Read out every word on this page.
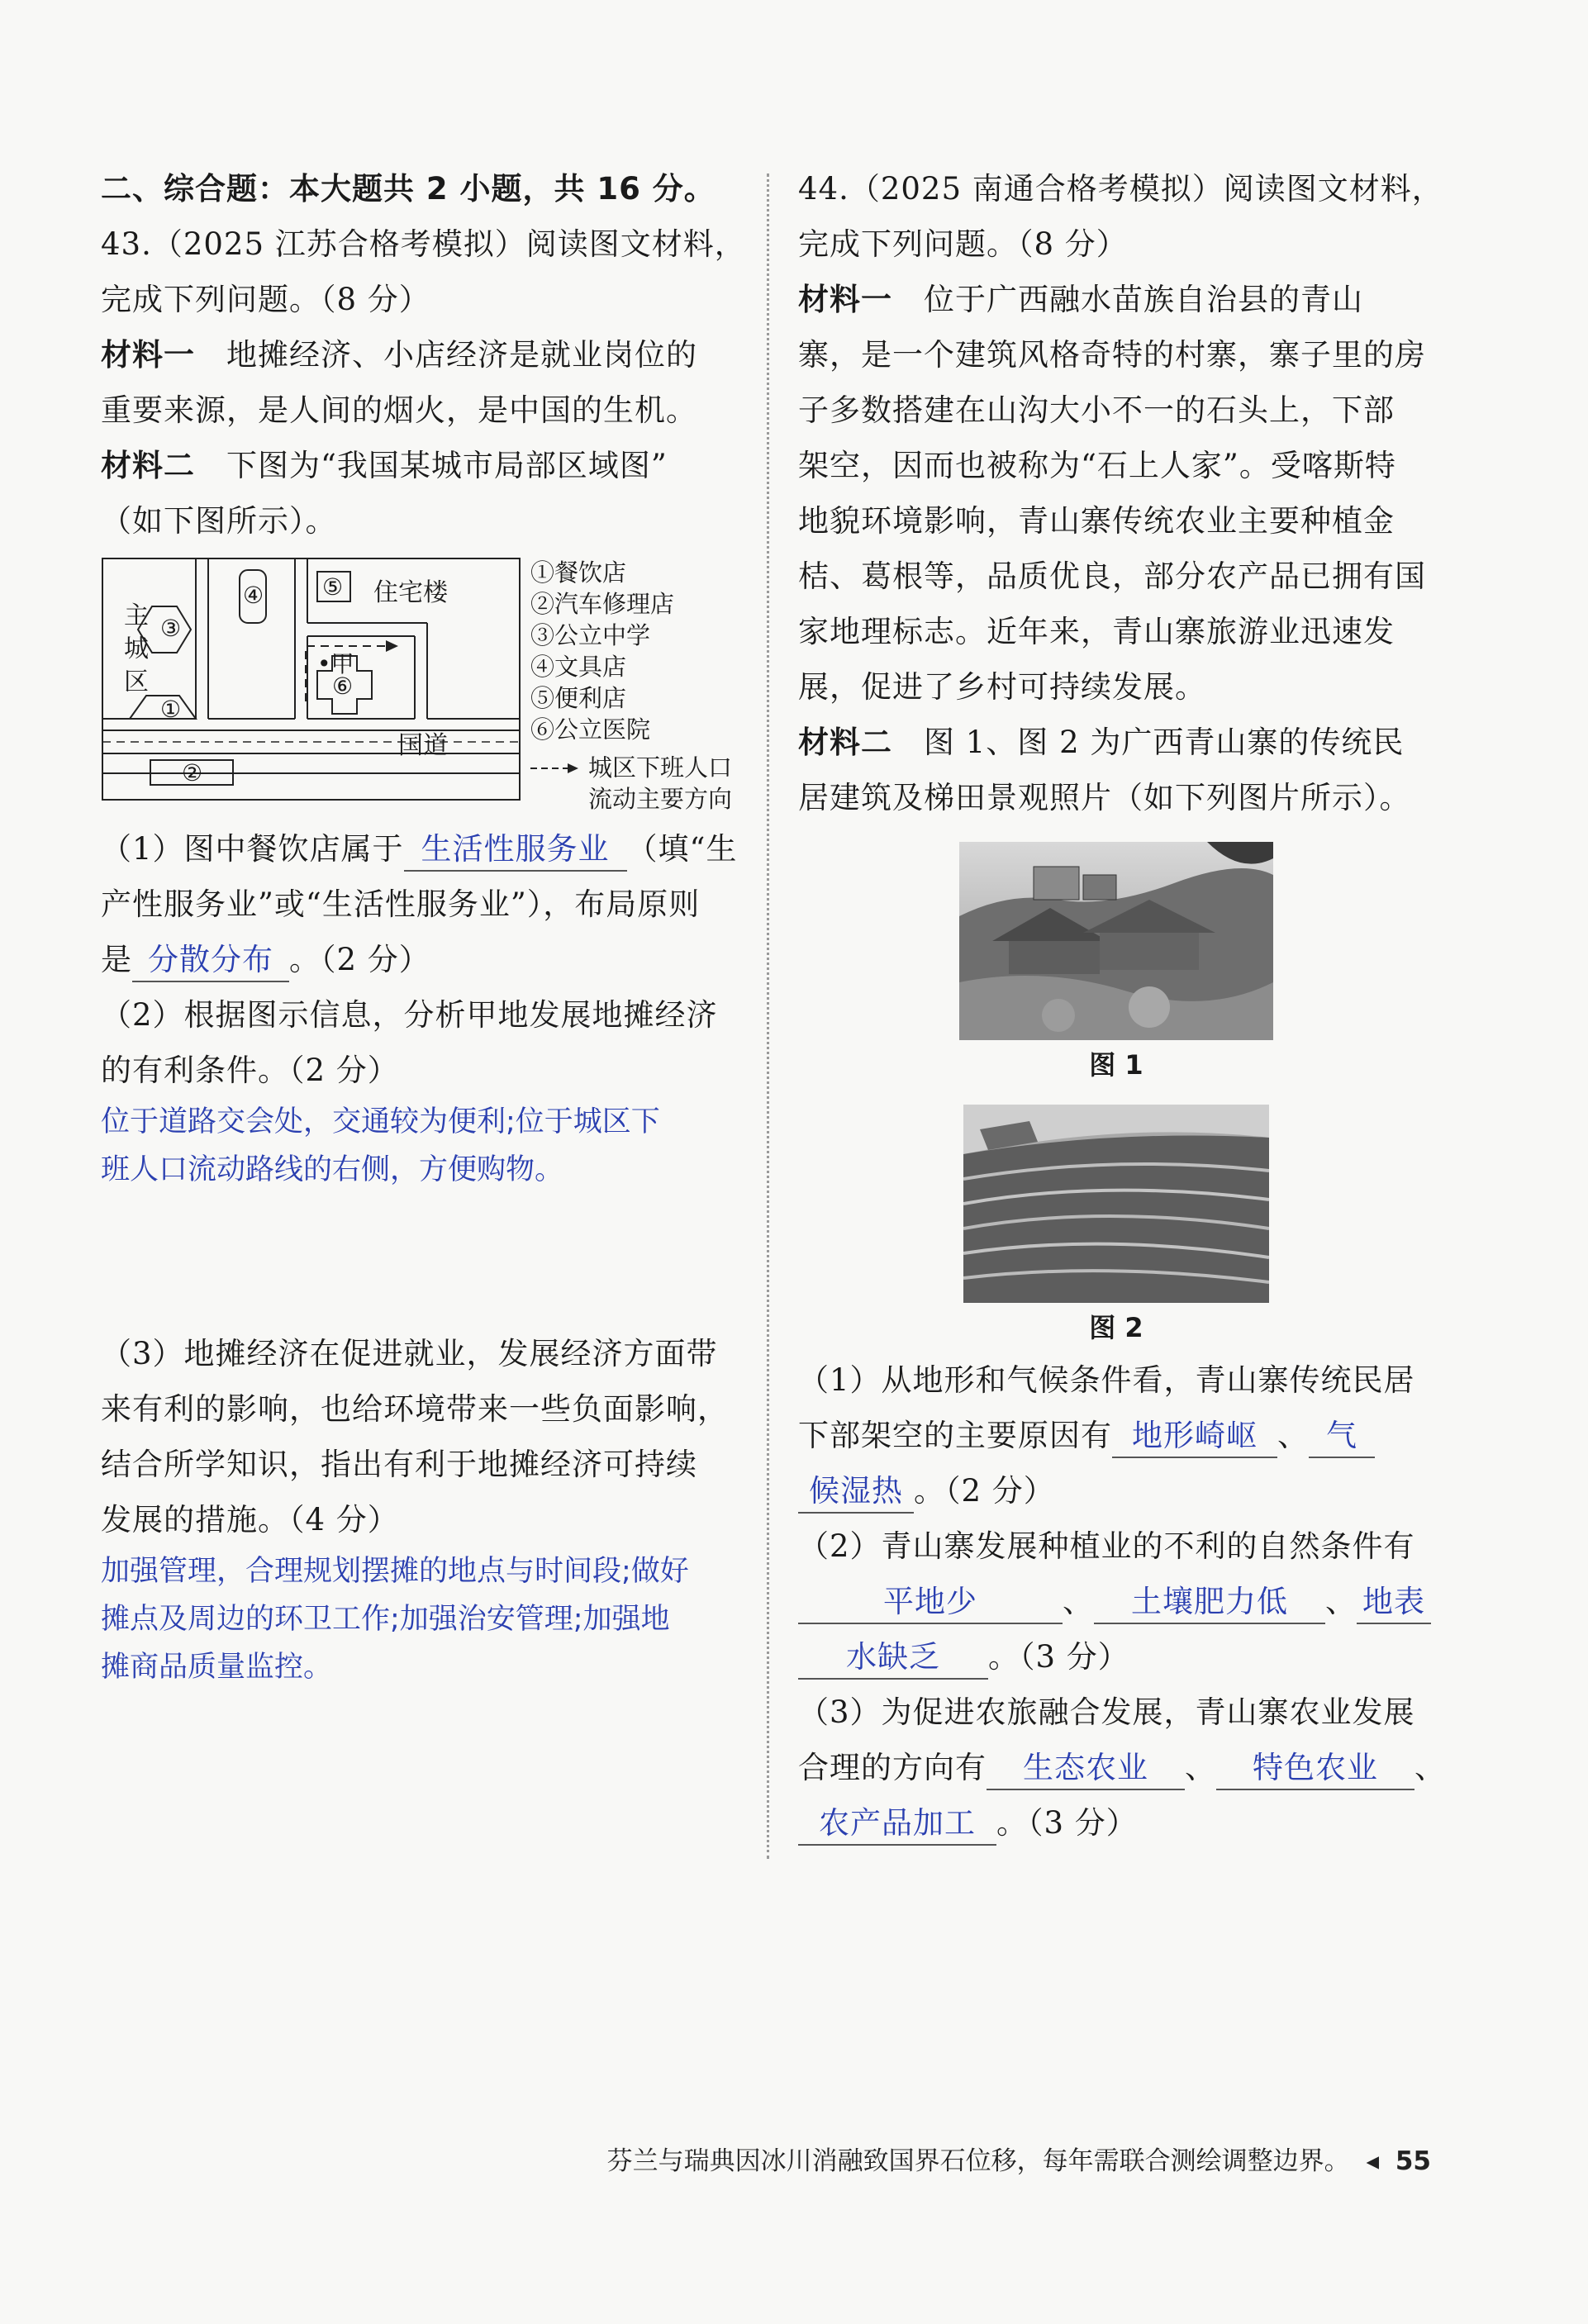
二、综合题：本大题共 2 小题，共 16 分。
43.（2025 江苏合格考模拟）阅读图文材料，
完成下列问题。（8 分）
材料一　地摊经济、小店经济是就业岗位的
重要来源，是人间的烟火，是中国的生机。
材料二　下图为“我国某城市局部区域图”
（如下图所示）。
主城区
住宅楼
国道
•甲
①
②
③
④	⑤
⑥
①餐饮店
②汽车修理店
③公立中学
④文具店
⑤便利店
⑥公立医院
城区下班人口
流动主要方向
（1）图中餐饮店属于 生活性服务业 （填“生
产性服务业”或“生活性服务业”），布局原则
是 分散分布 。（2 分）
（2）根据图示信息，分析甲地发展地摊经济
的有利条件。（2 分）
位于道路交会处，交通较为便利;位于城区下
班人口流动路线的右侧，方便购物。
（3）地摊经济在促进就业，发展经济方面带
来有利的影响，也给环境带来一些负面影响，
结合所学知识，指出有利于地摊经济可持续
发展的措施。（4 分）
加强管理，合理规划摆摊的地点与时间段;做好
摊点及周边的环卫工作;加强治安管理;加强地
摊商品质量监控。
44.（2025 南通合格考模拟）阅读图文材料，
完成下列问题。（8 分）
材料一　位于广西融水苗族自治县的青山
寨，是一个建筑风格奇特的村寨，寨子里的房
子多数搭建在山沟大小不一的石头上，下部
架空，因而也被称为“石上人家”。受喀斯特
地貌环境影响，青山寨传统农业主要种植金
桔、葛根等，品质优良，部分农产品已拥有国
家地理标志。近年来，青山寨旅游业迅速发
展，促进了乡村可持续发展。
材料二　图 1、图 2 为广西青山寨的传统民
居建筑及梯田景观照片（如下列图片所示）。
图 1
图 2
（1）从地形和气候条件看，青山寨传统民居
下部架空的主要原因有 地形崎岖 、 气
候湿热 。（2 分）
（2）青山寨发展种植业的不利的自然条件有
平地少	、 土壤肥力低 、 地表
水缺乏 。（3 分）
（3）为促进农旅融合发展，青山寨农业发展
合理的方向有 生态农业 、 特色农业 、
农产品加工 。（3 分）
芬兰与瑞典因冰川消融致国界石位移，每年需联合测绘调整边界。 ◂ 55
